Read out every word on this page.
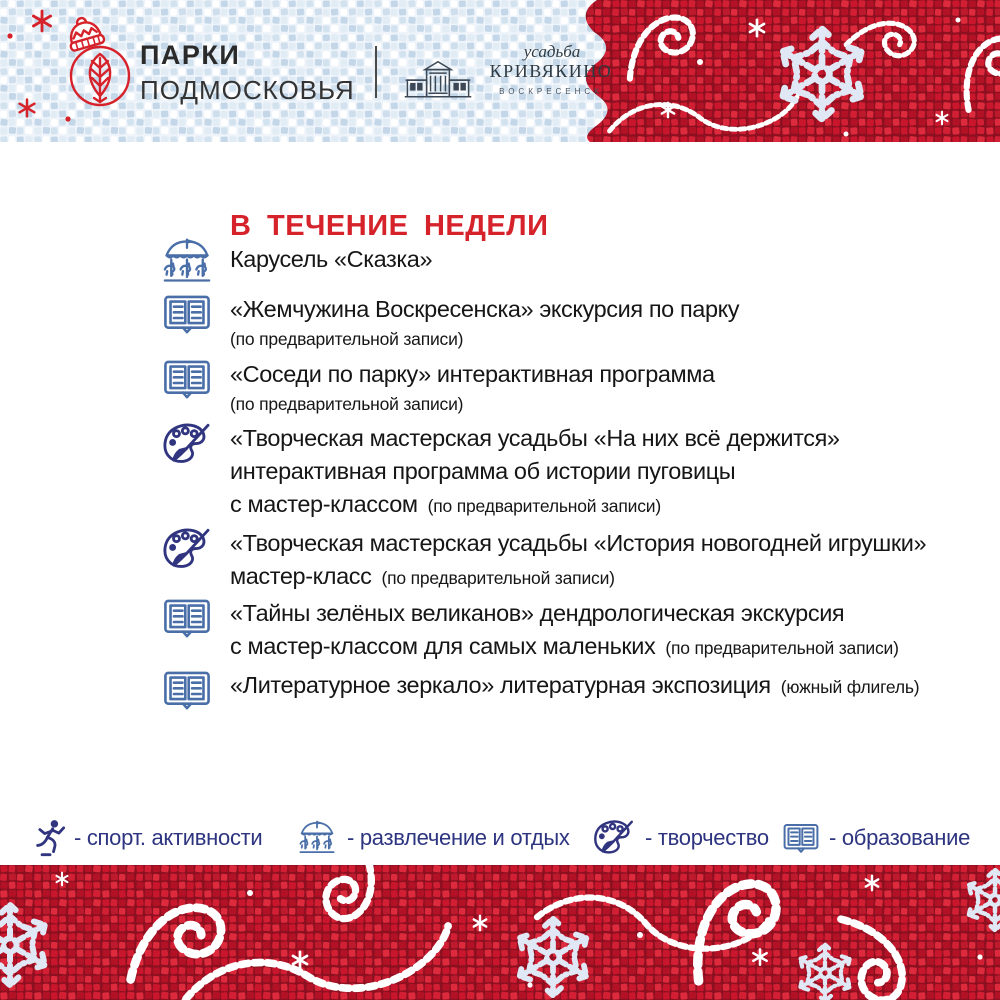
ПАРКИ
ПОДМОСКОВЬЯ
усадьба
КРИВЯКИНО
ВОСКРЕСЕНСК
В ТЕЧЕНИЕ НЕДЕЛИ
Карусель «Сказка»
«Жемчужина Воскресенска» экскурсия по парку
(по предварительной записи)
«Соседи по парку» интерактивная программа
(по предварительной записи)
«Творческая мастерская усадьбы «На них всё держится»
интерактивная программа об истории пуговицы
с мастер-классом (по предварительной записи)
«Творческая мастерская усадьбы «История новогодней игрушки»
мастер-класс (по предварительной записи)
«Тайны зелёных великанов» дендрологическая экскурсия
с мастер-классом для самых маленьких (по предварительной записи)
«Литературное зеркало» литературная экспозиция (южный флигель)
- спорт. активности	- развлечение и отдых	- творчество	- образование
